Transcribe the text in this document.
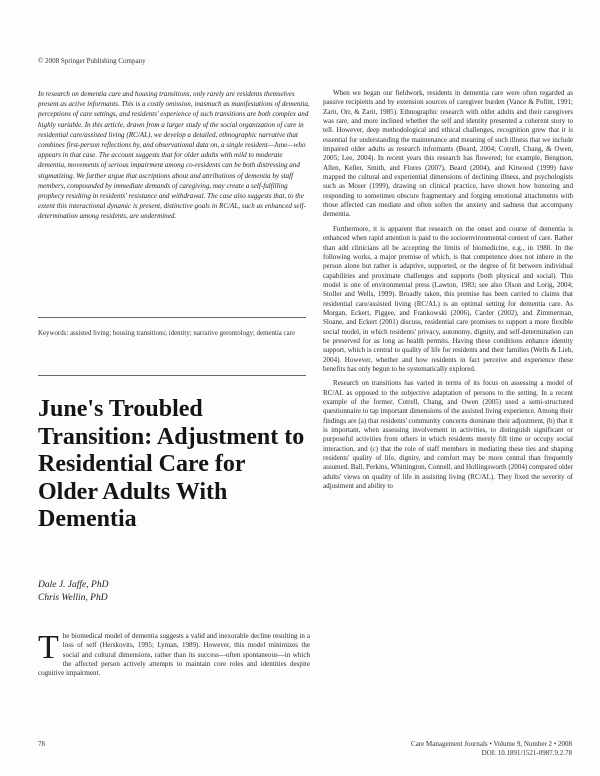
© 2008 Springer Publishing Company

In research on dementia care and housing transitions, only rarely are residents themselves present as active informants. This is a costly omission, inasmuch as manifestations of dementia, perceptions of care settings, and residents' experience of such transitions are both complex and highly variable. In this article, drawn from a larger study of the social organization of care in residential care/assisted living (RC/AL), we develop a detailed, ethnographic narrative that combines first-person reflections by, and observational data on, a single resident—June—who appears in that case. The account suggests that for older adults with mild to moderate dementia, movements of serious impairment among co-residents can be both distressing and stigmatizing. We further argue that ascriptions about and attributions of dementia by staff members, compounded by immediate demands of caregiving, may create a self-fulfilling prophecy resulting in residents' resistance and withdrawal. The case also suggests that, to the extent this interactional dynamic is present, distinctive goals in RC/AL, such as enhanced self-determination among residents, are undermined.

Keywords: assisted living; housing transitions; identity; narrative gerontology; dementia care

June's Troubled Transition: Adjustment to Residential Care for Older Adults With Dementia
Dale J. Jaffe, PhD
Chris Wellin, PhD

The biomedical model of dementia suggests a valid and inexorable decline resulting in a loss of self (Herskovits, 1995; Lyman, 1989). However, this model minimizes the social and cultural dimensions, rather than its success—often spontaneous—in which the affected person actively attempts to maintain core roles and identities despite cognitive impairment.

When we began our fieldwork, residents in dementia care were often regarded as passive recipients and by extension sources of caregiver burden (Vance & Pollitt, 1991; Zarit, Orr, & Zarit, 1985). Ethnographic research with older adults and their caregivers was rare, and more inclined whether the self and identity presented a coherent story to tell. However, deep methodological and ethical challenges, recognition grew that it is essential for understanding the maintenance and meaning of such illness that we include impaired older adults as research informants (Beard, 2004; Cotrell, Chang, & Owen, 2005; Lee, 2004). In recent years this research has flowered; for example, Bengtson, Allen, Keller, Smith, and Flores (2007), Beard (2004), and Kitwood (1999) have mapped the cultural and experiential dimensions of declining illness, and psychologists such as Moser (1999), drawing on clinical practice, have shown how honoring and responding to sometimes obscure fragmentary and forging emotional attachments with those affected can mediate and often soften the anxiety and sadness that accompany dementia.

Furthermore, it is apparent that research on the onset and course of dementia is enhanced when rapid attention is paid to the socioenvironmental context of care. Rather than add clinicians all be accepting the limits of biomedicine, e.g., in 1980. In the following works, a major premise of which, is that competence does not inhere in the person alone but rather is adaptive, supported, or the degree of fit between individual capabilities and proximate challenges and supports (both physical and social). This model is one of environmental press (Lawton, 1983; see also Olson and Lorig, 2004; Stoller and Wells, 1999). Broadly taken, this premise has been carried to claims that residential care/assisted living (RC/AL) is an optimal setting for dementia care. As Morgan, Eckert, Piggee, and Frankowski (2006), Carder (2002), and Zimmerman, Sloane, and Eckert (2001) discuss, residential care promises to support a more flexible social model, in which residents' privacy, autonomy, dignity, and self-determination can be preserved for as long as health permits. Having these conditions enhance identity support, which is central to quality of life for residents and their families (Wells & Lieb, 2004). However, whether and how residents in fact perceive and experience these benefits has only begun to be systematically explored.

Research on transitions has varied in terms of its focus on assessing a model of RC/AL as opposed to the subjective adaptation of persons to the setting. In a recent example of the former, Cotrell, Chang, and Owen (2005) used a semi-structured questionnaire to tap important dimensions of the assisted living experience. Among their findings are (a) that residents' community concerns dominate their adjustment, (b) that it is important, when assessing involvement in activities, to distinguish significant or purposeful activities from others in which residents merely fill time or occupy social interaction, and (c) that the role of staff members in mediating these ties and shaping residents' quality of life, dignity, and comfort may be more central than frequently assumed. Ball, Perkins, Whittington, Connell, and Hollingsworth (2004) compared older adults' views on quality of life in assisting living (RC/AL). They fixed the severity of adjustment and ability to

78	Care Management Journals • Volume 9, Number 2 • 2008
DOI: 10.1891/1521-0987.9.2.78
